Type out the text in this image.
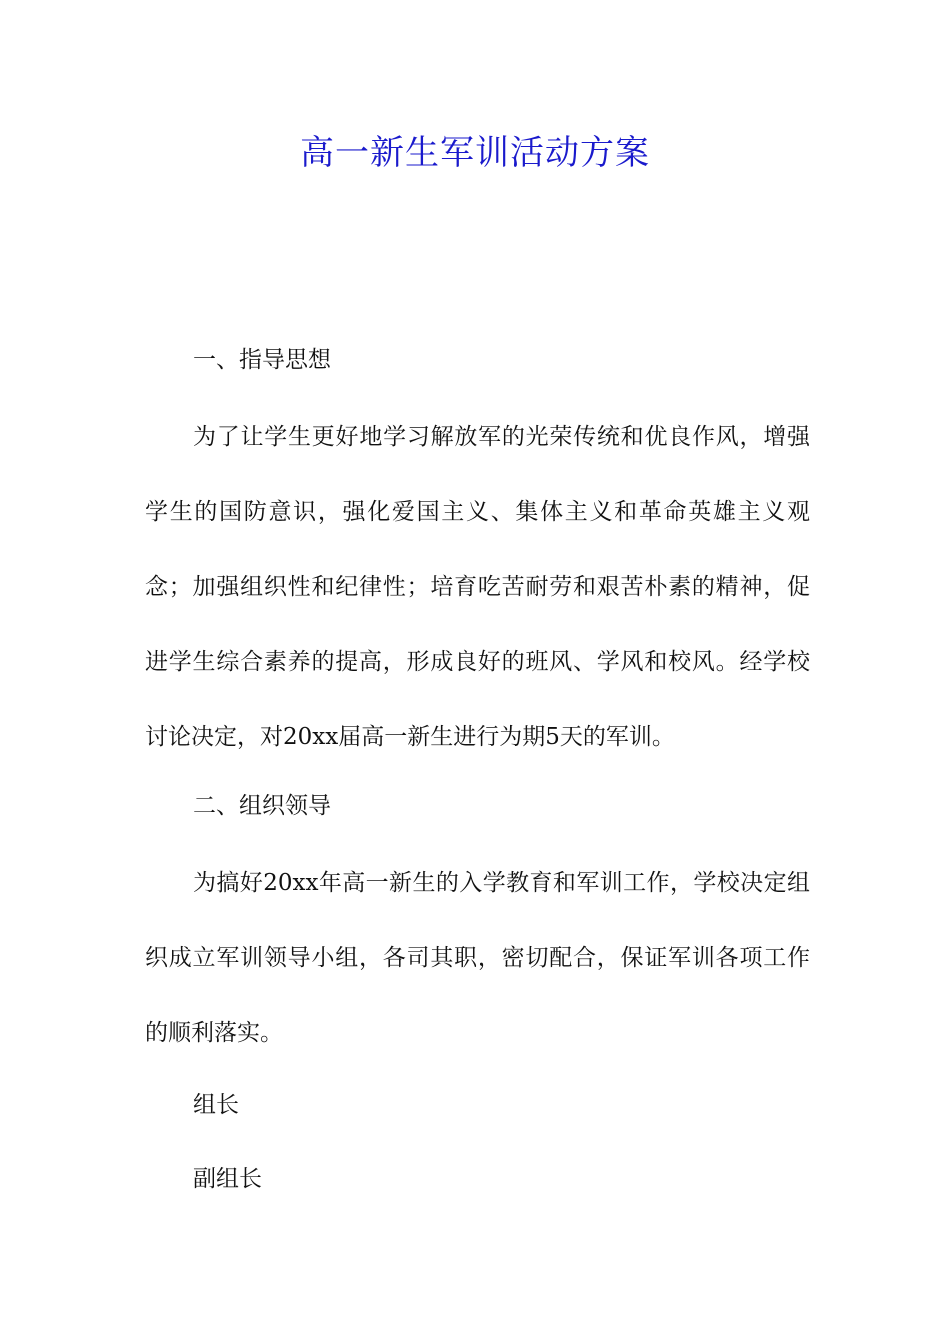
高一新生军训活动方案
一、指导思想
为了让学生更好地学习解放军的光荣传统和优良作风，增强学生的国防意识，强化爱国主义、集体主义和革命英雄主义观念；加强组织性和纪律性；培育吃苦耐劳和艰苦朴素的精神，促进学生综合素养的提高，形成良好的班风、学风和校风。经学校讨论决定，对20xx届高一新生进行为期5天的军训。
二、组织领导
为搞好20xx年高一新生的入学教育和军训工作，学校决定组织成立军训领导小组，各司其职，密切配合，保证军训各项工作的顺利落实。
组长
副组长
